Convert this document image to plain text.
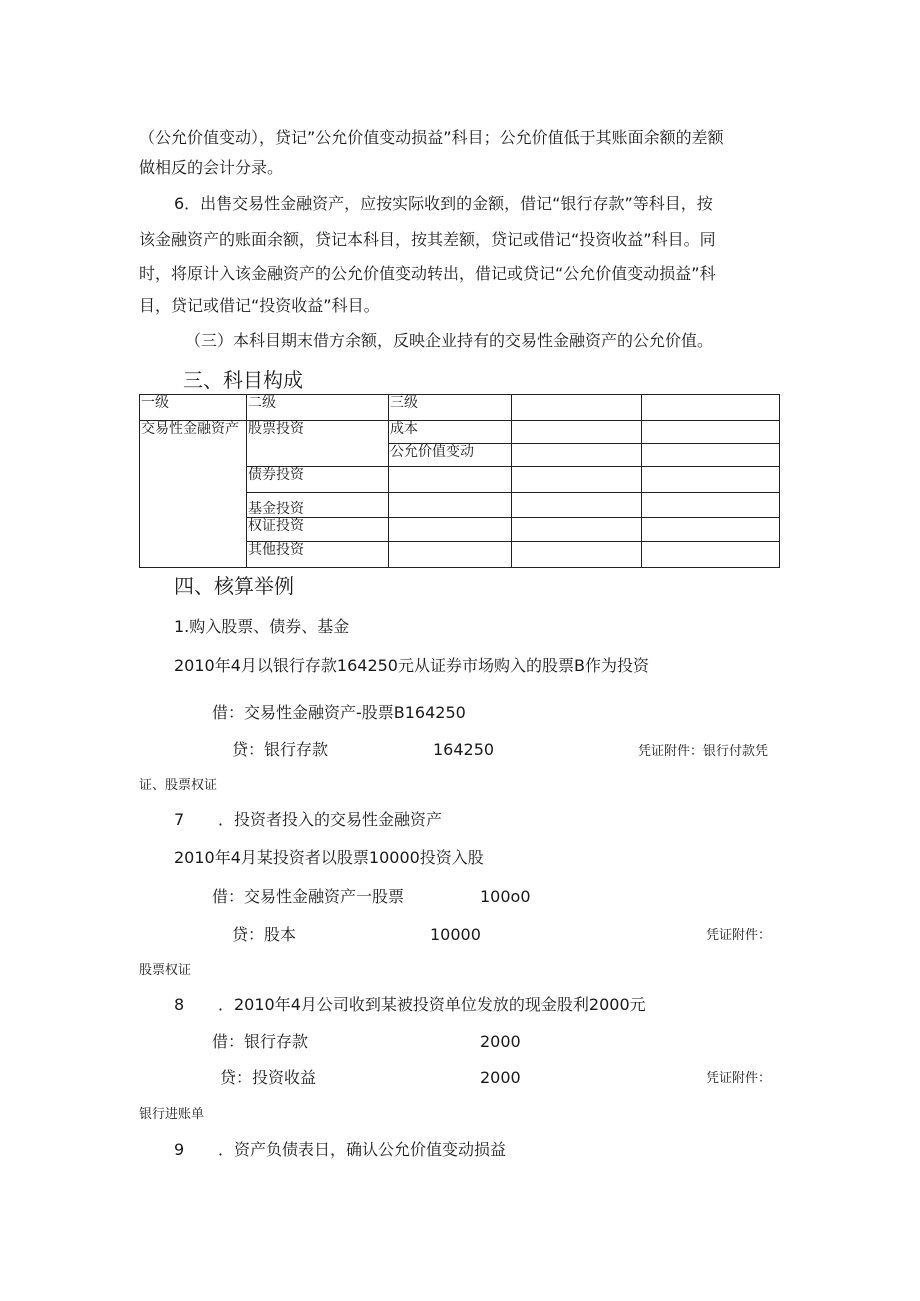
（公允价值变动），贷记”公允价值变动损益”科目；公允价值低于其账面余额的差额
做相反的会计分录。
6．出售交易性金融资产，应按实际收到的金额，借记“银行存款”等科目，按
该金融资产的账面余额，贷记本科目，按其差额，贷记或借记“投资收益”科目。同
时，将原计入该金融资产的公允价值变动转出，借记或贷记“公允价值变动损益”科
目，贷记或借记“投资收益”科目。
（三）本科目期末借方余额，反映企业持有的交易性金融资产的公允价值。
三、科目构成
一级	二级	三级		
交易性金融资产	股票投资	成本		
		公允价值变动		
	债券投资			
	基金投资			
	权证投资			
	其他投资			
四、核算举例
1.购入股票、债券、基金
2010年4月以银行存款164250元从证券市场购入的股票B作为投资
借：交易性金融资产-股票B164250
贷：银行存款	164250	凭证附件：银行付款凭
证、股票权证
7 ．投资者投入的交易性金融资产
2010年4月某投资者以股票10000投资入股
借：交易性金融资产一股票	100o0
贷：股本	10000	凭证附件：
股票权证
8 ．2010年4月公司收到某被投资单位发放的现金股利2000元
借：银行存款	2000
贷：投资收益	2000	凭证附件：
银行进账单
9 ．资产负债表日，确认公允价值变动损益
